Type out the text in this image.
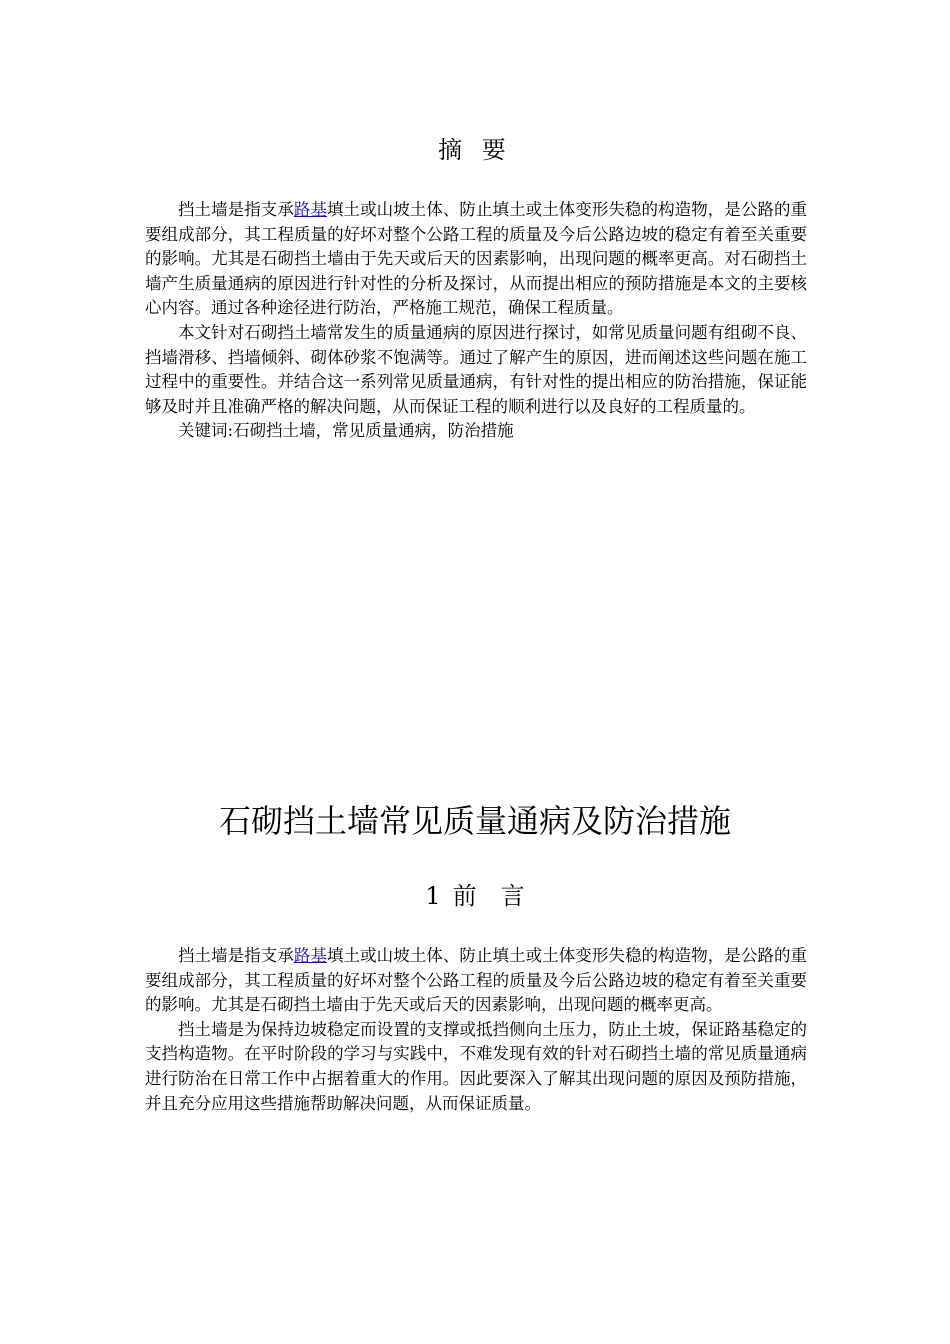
摘 要

挡土墙是指支承路基填土或山坡土体、防止填土或土体变形失稳的构造物，是公路的重要组成部分，其工程质量的好坏对整个公路工程的质量及今后公路边坡的稳定有着至关重要的影响。尤其是石砌挡土墙由于先天或后天的因素影响，出现问题的概率更高。对石砌挡土墙产生质量通病的原因进行针对性的分析及探讨，从而提出相应的预防措施是本文的主要核心内容。通过各种途径进行防治，严格施工规范，确保工程质量。

本文针对石砌挡土墙常发生的质量通病的原因进行探讨，如常见质量问题有组砌不良、挡墙滑移、挡墙倾斜、砌体砂浆不饱满等。通过了解产生的原因，进而阐述这些问题在施工过程中的重要性。并结合这一系列常见质量通病，有针对性的提出相应的防治措施，保证能够及时并且准确严格的解决问题，从而保证工程的顺利进行以及良好的工程质量的。

关键词:石砌挡土墙，常见质量通病，防治措施

石砌挡土墙常见质量通病及防治措施
1 前言

挡土墙是指支承路基填土或山坡土体、防止填土或土体变形失稳的构造物，是公路的重要组成部分，其工程质量的好坏对整个公路工程的质量及今后公路边坡的稳定有着至关重要的影响。尤其是石砌挡土墙由于先天或后天的因素影响，出现问题的概率更高。

挡土墙是为保持边坡稳定而设置的支撑或抵挡侧向土压力，防止土坡，保证路基稳定的支挡构造物。在平时阶段的学习与实践中，不难发现有效的针对石砌挡土墙的常见质量通病进行防治在日常工作中占据着重大的作用。因此要深入了解其出现问题的原因及预防措施，并且充分应用这些措施帮助解决问题，从而保证质量。
